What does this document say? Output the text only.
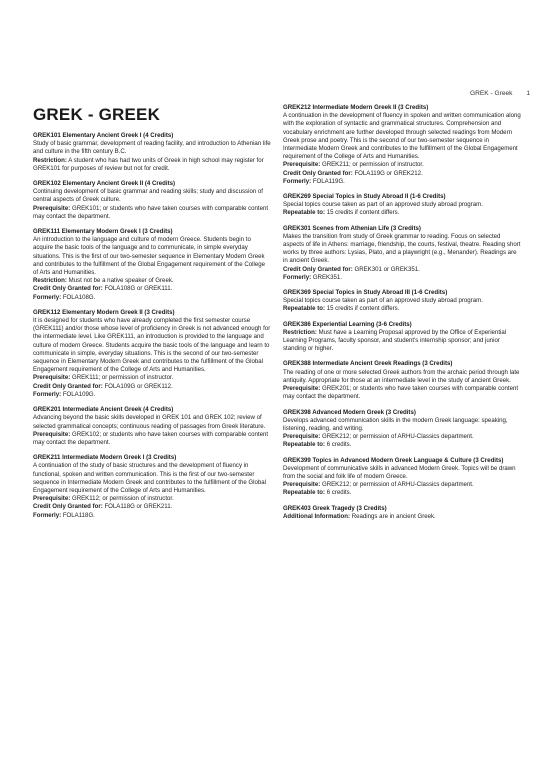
GREK - Greek 1
GREK - GREEK
GREK101 Elementary Ancient Greek I (4 Credits)
Study of basic grammar, development of reading facility, and introduction to Athenian life and culture in the fifth century B.C.
Restriction: A student who has had two units of Greek in high school may register for GREK101 for purposes of review but not for credit.
GREK102 Elementary Ancient Greek II (4 Credits)
Continuing development of basic grammar and reading skills; study and discussion of central aspects of Greek culture.
Prerequisite: GREK101; or students who have taken courses with comparable content may contact the department.
GREK111 Elementary Modern Greek I (3 Credits)
An introduction to the language and culture of modern Greece. Students begin to acquire the basic tools of the language and to communicate, in simple everyday situations. This is the first of our two-semester sequence in Elementary Modern Greek and contributes to the fulfillment of the Global Engagement requirement of the College of Arts and Humanities.
Restriction: Must not be a native speaker of Greek.
Credit Only Granted for: FOLA108G or GREK111.
Formerly: FOLA108G.
GREK112 Elementary Modern Greek II (3 Credits)
It is designed for students who have already completed the first semester course (GREK111) and/or those whose level of proficiency in Greek is not advanced enough for the intermediate level. Like GREK111, an introduction is provided to the language and culture of modern Greece. Students acquire the basic tools of the language and learn to communicate in simple, everyday situations. This is the second of our two-semester sequence in Elementary Modern Greek and contributes to the fulfillment of the Global Engagement requirement of the College of Arts and Humanities.
Prerequisite: GREK111; or permission of instructor.
Credit Only Granted for: FOLA109G or GREK112.
Formerly: FOLA109G.
GREK201 Intermediate Ancient Greek (4 Credits)
Advancing beyond the basic skills developed in GREK 101 and GREK 102; review of selected grammatical concepts; continuous reading of passages from Greek literature.
Prerequisite: GREK102; or students who have taken courses with comparable content may contact the department.
GREK211 Intermediate Modern Greek I (3 Credits)
A continuation of the study of basic structures and the development of fluency in functional, spoken and written communication. This is the first of our two-semester sequence in Intermediate Modern Greek and contributes to the fulfillment of the Global Engagement requirement of the College of Arts and Humanities.
Prerequisite: GREK112; or permission of instructor.
Credit Only Granted for: FOLA118G or GREK211.
Formerly: FOLA118G.
GREK212 Intermediate Modern Greek II (3 Credits)
A continuation in the development of fluency in spoken and written communication along with the exploration of syntactic and grammatical structures. Comprehension and vocabulary enrichment are further developed through selected readings from Modern Greek prose and poetry. This is the second of our two-semester sequence in Intermediate Modern Greek and contributes to the fulfillment of the Global Engagement requirement of the College of Arts and Humanities.
Prerequisite: GREK211; or permission of instructor.
Credit Only Granted for: FOLA119G or GREK212.
Formerly: FOLA119G.
GREK269 Special Topics in Study Abroad II (1-6 Credits)
Special topics course taken as part of an approved study abroad program.
Repeatable to: 15 credits if content differs.
GREK301 Scenes from Athenian Life (3 Credits)
Makes the transition from study of Greek grammar to reading. Focus on selected aspects of life in Athens: marriage, friendship, the courts, festival, theatre. Reading short works by three authors: Lysias, Plato, and a playwright (e.g., Menander). Readings are in ancient Greek.
Credit Only Granted for: GREK301 or GREK351.
Formerly: GREK351.
GREK369 Special Topics in Study Abroad III (1-6 Credits)
Special topics course taken as part of an approved study abroad program.
Repeatable to: 15 credits if content differs.
GREK386 Experiential Learning (3-6 Credits)
Restriction: Must have a Learning Proposal approved by the Office of Experiential Learning Programs, faculty sponsor, and student's internship sponsor; and junior standing or higher.
GREK388 Intermediate Ancient Greek Readings (3 Credits)
The reading of one or more selected Greek authors from the archaic period through late antiquity. Appropriate for those at an intermediate level in the study of ancient Greek.
Prerequisite: GREK201; or students who have taken courses with comparable content may contact the department.
GREK398 Advanced Modern Greek (3 Credits)
Develops advanced communication skills in the modern Greek language: speaking, listening, reading, and writing.
Prerequisite: GREK212; or permission of ARHU-Classics department.
Repeatable to: 6 credits.
GREK399 Topics in Advanced Modern Greek Language & Culture (3 Credits)
Development of communicative skills in advanced Modern Greek. Topics will be drawn from the social and folk life of modern Greece.
Prerequisite: GREK212; or permission of ARHU-Classics department.
Repeatable to: 6 credits.
GREK403 Greek Tragedy (3 Credits)
Additional Information: Readings are in ancient Greek.
